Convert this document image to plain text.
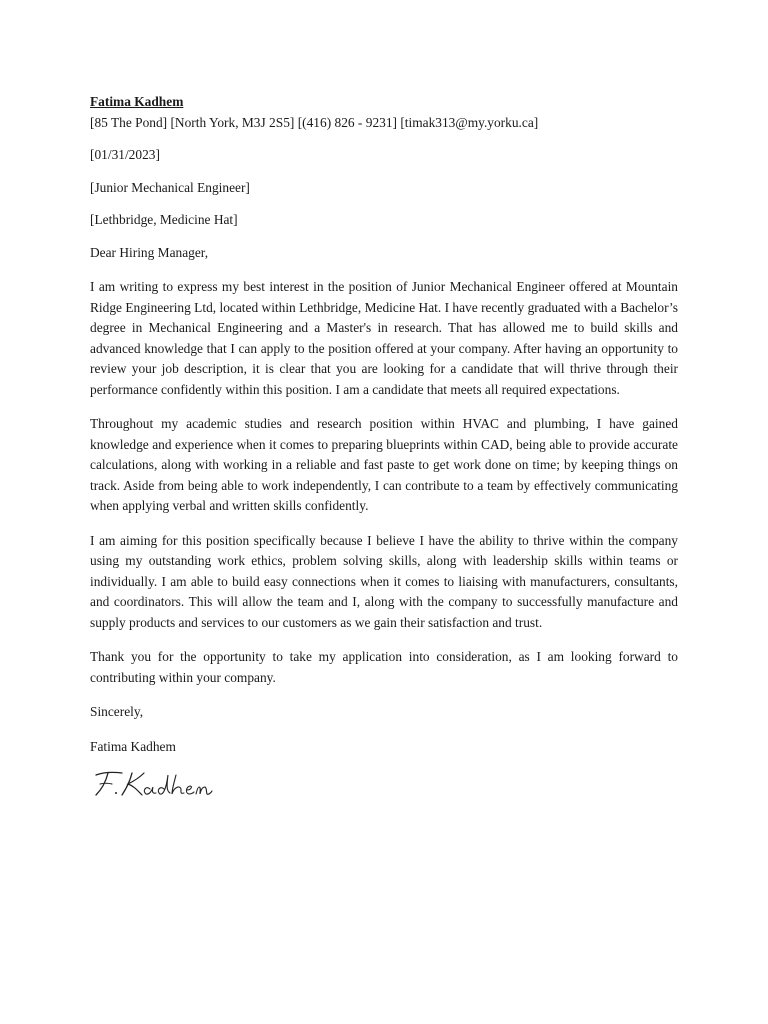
Fatima Kadhem

[85 The Pond] [North York, M3J 2S5] [(416) 826 - 9231] [timak313@my.yorku.ca]

[01/31/2023]

[Junior Mechanical Engineer]

[Lethbridge, Medicine Hat]

Dear Hiring Manager,

I am writing to express my best interest in the position of Junior Mechanical Engineer offered at Mountain Ridge Engineering Ltd, located within Lethbridge, Medicine Hat. I have recently graduated with a Bachelor’s degree in Mechanical Engineering and a Master's in research. That has allowed me to build skills and advanced knowledge that I can apply to the position offered at your company. After having an opportunity to review your job description, it is clear that you are looking for a candidate that will thrive through their performance confidently within this position. I am a candidate that meets all required expectations.

Throughout my academic studies and research position within HVAC and plumbing, I have gained knowledge and experience when it comes to preparing blueprints within CAD, being able to provide accurate calculations, along with working in a reliable and fast paste to get work done on time; by keeping things on track. Aside from being able to work independently, I can contribute to a team by effectively communicating when applying verbal and written skills confidently.

I am aiming for this position specifically because I believe I have the ability to thrive within the company using my outstanding work ethics, problem solving skills, along with leadership skills within teams or individually. I am able to build easy connections when it comes to liaising with manufacturers, consultants, and coordinators. This will allow the team and I, along with the company to successfully manufacture and supply products and services to our customers as we gain their satisfaction and trust.

Thank you for the opportunity to take my application into consideration, as I am looking forward to contributing within your company.

Sincerely,

Fatima Kadhem
